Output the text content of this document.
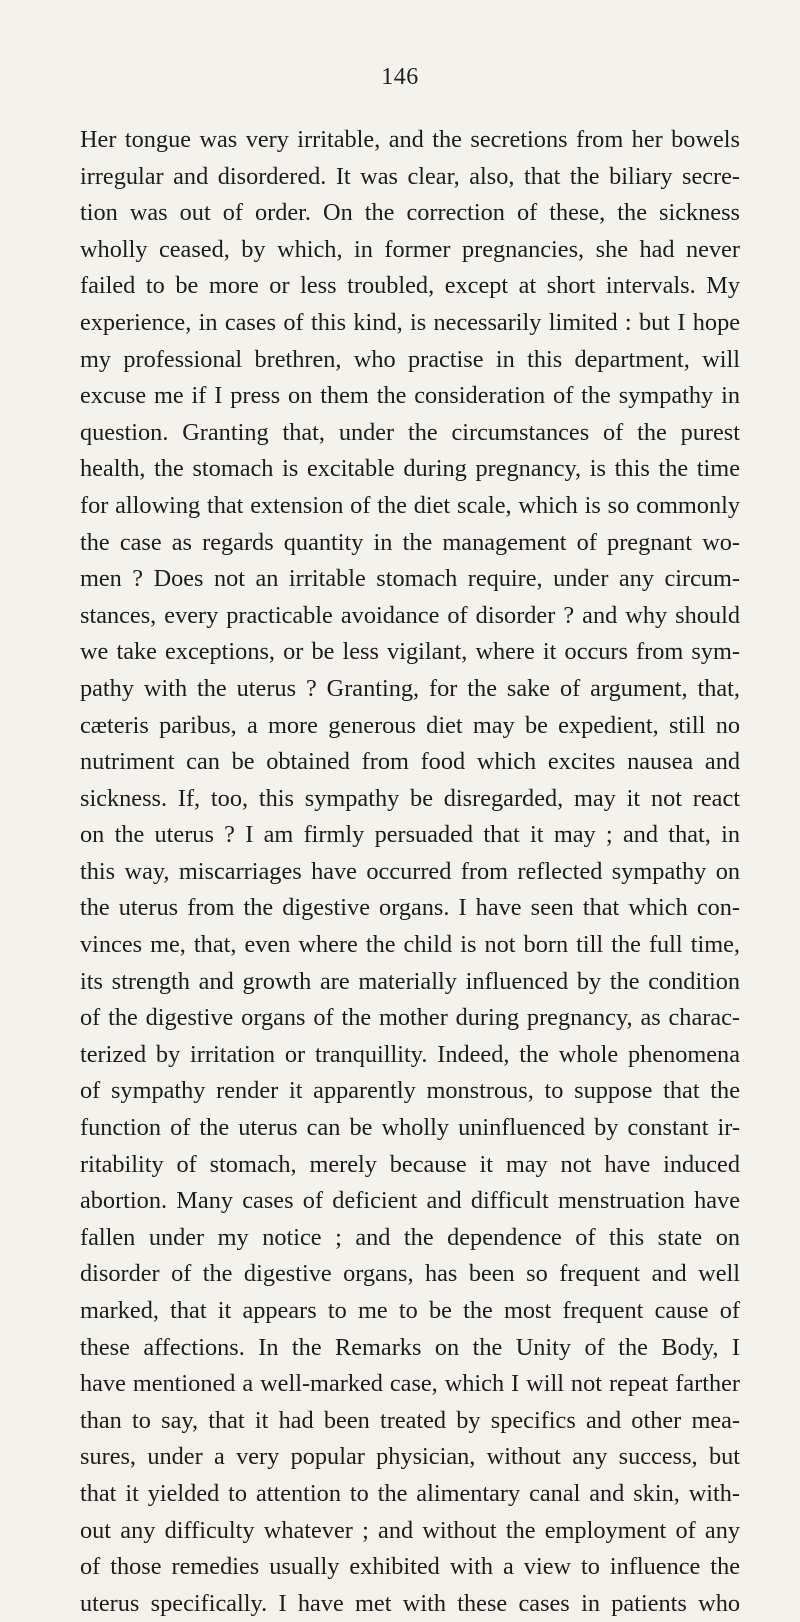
146
Her tongue was very irritable, and the secretions from her bowels
irregular and disordered. It was clear, also, that the biliary secre-
tion was out of order. On the correction of these, the sickness
wholly ceased, by which, in former pregnancies, she had never
failed to be more or less troubled, except at short intervals. My
experience, in cases of this kind, is necessarily limited : but I hope
my professional brethren, who practise in this department, will
excuse me if I press on them the consideration of the sympathy in
question. Granting that, under the circumstances of the purest
health, the stomach is excitable during pregnancy, is this the time
for allowing that extension of the diet scale, which is so commonly
the case as regards quantity in the management of pregnant wo-
men ? Does not an irritable stomach require, under any circum-
stances, every practicable avoidance of disorder ? and why should
we take exceptions, or be less vigilant, where it occurs from sym-
pathy with the uterus ? Granting, for the sake of argument, that,
cæteris paribus, a more generous diet may be expedient, still no
nutriment can be obtained from food which excites nausea and
sickness. If, too, this sympathy be disregarded, may it not react
on the uterus ? I am firmly persuaded that it may ; and that, in
this way, miscarriages have occurred from reflected sympathy on
the uterus from the digestive organs. I have seen that which con-
vinces me, that, even where the child is not born till the full time,
its strength and growth are materially influenced by the condition
of the digestive organs of the mother during pregnancy, as charac-
terized by irritation or tranquillity. Indeed, the whole phenomena
of sympathy render it apparently monstrous, to suppose that the
function of the uterus can be wholly uninfluenced by constant ir-
ritability of stomach, merely because it may not have induced
abortion. Many cases of deficient and difficult menstruation have
fallen under my notice ; and the dependence of this state on
disorder of the digestive organs, has been so frequent and well
marked, that it appears to me to be the most frequent cause of
these affections. In the Remarks on the Unity of the Body, I
have mentioned a well-marked case, which I will not repeat farther
than to say, that it had been treated by specifics and other mea-
sures, under a very popular physician, without any success, but
that it yielded to attention to the alimentary canal and skin, with-
out any difficulty whatever ; and without the employment of any
of those remedies usually exhibited with a view to influence the
uterus specifically. I have met with these cases in patients who
